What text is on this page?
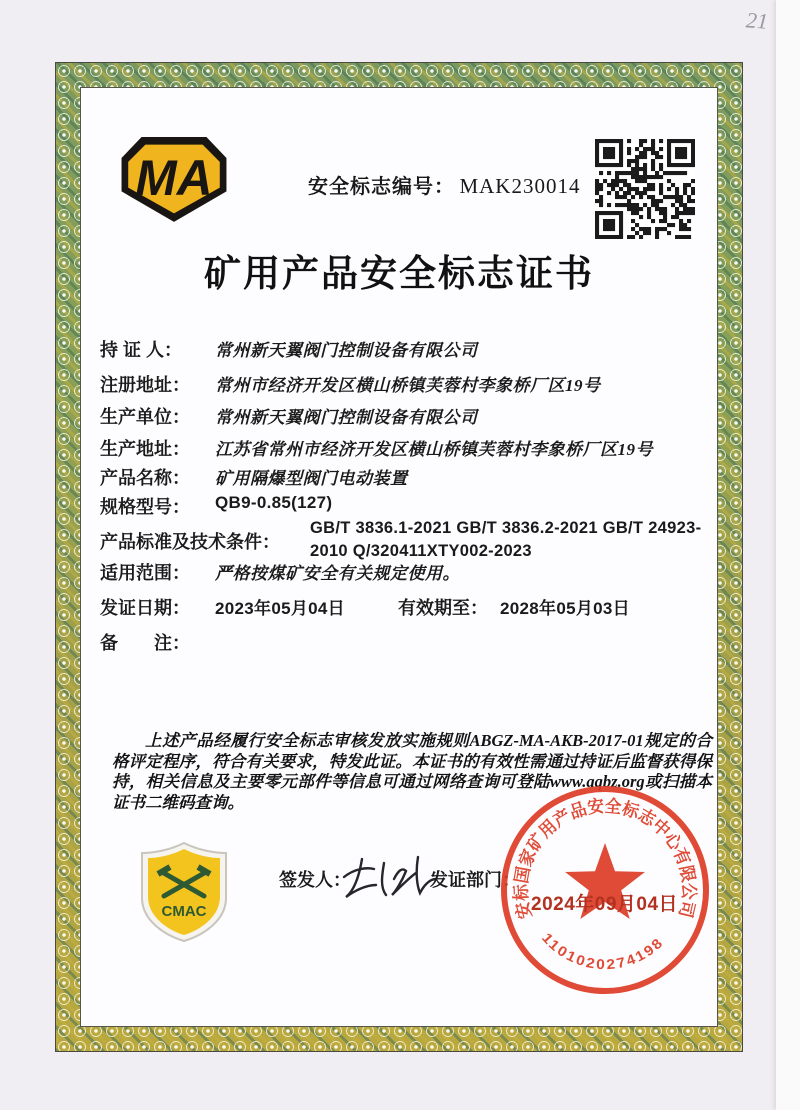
21
MA	安全标志编号： MAK230014
矿用产品安全标志证书
持 证 人： 常州新天翼阀门控制设备有限公司
注册地址： 常州市经济开发区横山桥镇芙蓉村李象桥厂区19号
生产单位： 常州新天翼阀门控制设备有限公司
生产地址： 江苏省常州市经济开发区横山桥镇芙蓉村李象桥厂区19号
产品名称： 矿用隔爆型阀门电动装置
规格型号： QB9-0.85(127)
产品标准及技术条件：
GB/T 3836.1-2021 GB/T 3836.2-2021 GB/T 24923-2010 Q/320411XTY002-2023
适用范围： 严格按煤矿安全有关规定使用。
发证日期： 2023年05月04日	有效期至： 2028年05月03日
备　　注：
上述产品经履行安全标志审核发放实施规则ABGZ-MA-AKB-2017-01规定的合格评定程序，符合有关要求，特发此证。本证书的有效性需通过持证后监督获得保持，相关信息及主要零元部件等信息可通过网络查询可登陆www.aqbz.org或扫描本证书二维码查询。
CMAC
签发人：	发证部门：
安标国家矿用产品安全标志中心有限公司
1101020274198
2024年09月04日
